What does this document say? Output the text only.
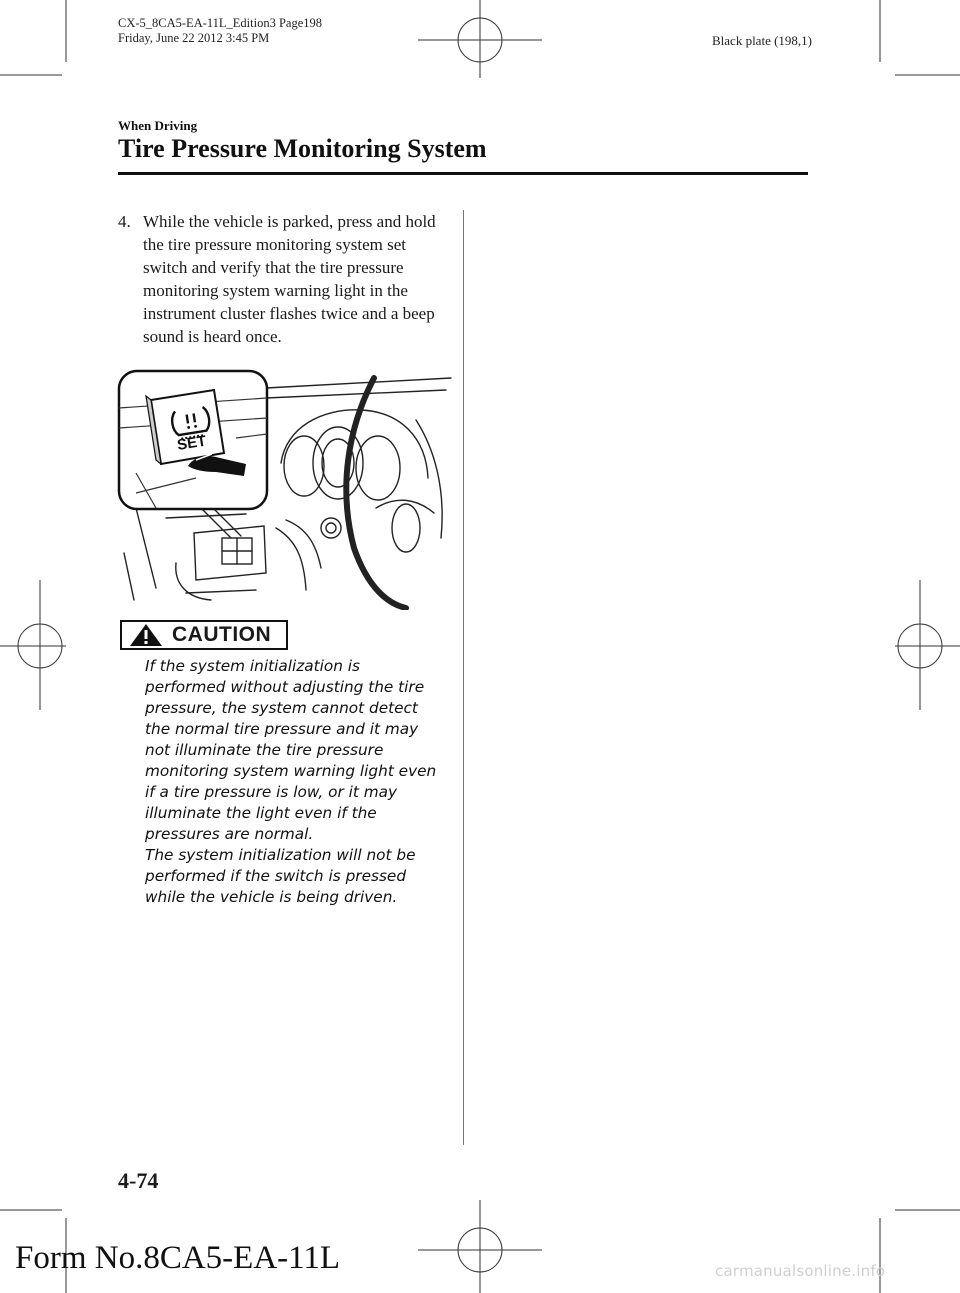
CX-5_8CA5-EA-11L_Edition3 Page198
Friday, June 22 2012 3:45 PM	Black plate (198,1)
When Driving
Tire Pressure Monitoring System
4. While the vehicle is parked, press and hold the tire pressure monitoring system set switch and verify that the tire pressure monitoring system warning light in the instrument cluster flashes twice and a beep sound is heard once.
SET
CAUTION

If the system initialization is performed without adjusting the tire pressure, the system cannot detect the normal tire pressure and it may not illuminate the tire pressure monitoring system warning light even if a tire pressure is low, or it may illuminate the light even if the pressures are normal.

The system initialization will not be performed if the switch is pressed while the vehicle is being driven.

4-74
Form No.8CA5-EA-11L	carmanualsonline.info
